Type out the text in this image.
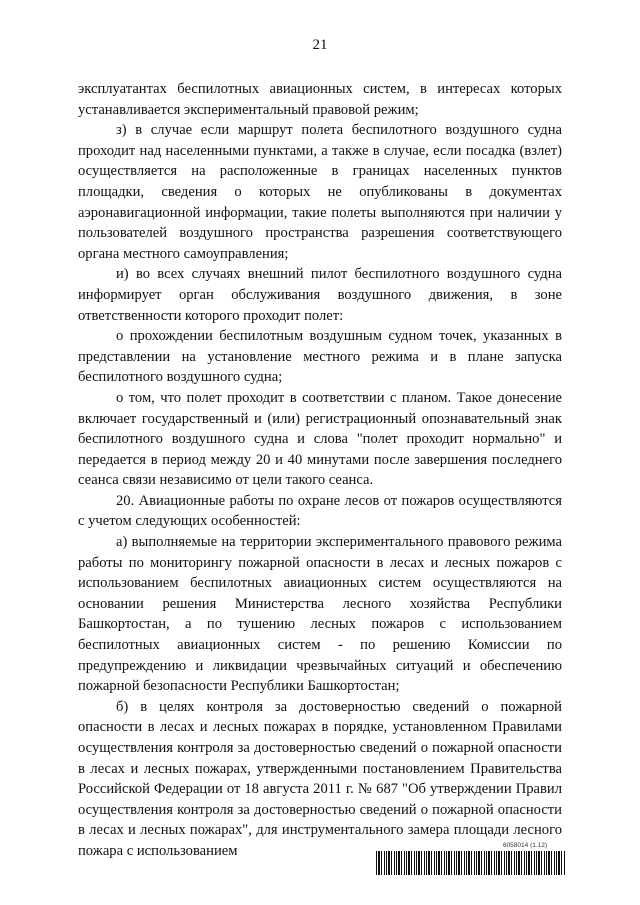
21

эксплуатантах беспилотных авиационных систем, в интересах которых устанавливается экспериментальный правовой режим;

з) в случае если маршрут полета беспилотного воздушного судна проходит над населенными пунктами, а также в случае, если посадка (взлет) осуществляется на расположенные в границах населенных пунктов площадки, сведения о которых не опубликованы в документах аэронавигационной информации, такие полеты выполняются при наличии у пользователей воздушного пространства разрешения соответствующего органа местного самоуправления;

и) во всех случаях внешний пилот беспилотного воздушного судна информирует орган обслуживания воздушного движения, в зоне ответственности которого проходит полет:

о прохождении беспилотным воздушным судном точек, указанных в представлении на установление местного режима и в плане запуска беспилотного воздушного судна;

о том, что полет проходит в соответствии с планом. Такое донесение включает государственный и (или) регистрационный опознавательный знак беспилотного воздушного судна и слова "полет проходит нормально" и передается в период между 20 и 40 минутами после завершения последнего сеанса связи независимо от цели такого сеанса.

20. Авиационные работы по охране лесов от пожаров осуществляются с учетом следующих особенностей:

а) выполняемые на территории экспериментального правового режима работы по мониторингу пожарной опасности в лесах и лесных пожаров с использованием беспилотных авиационных систем осуществляются на основании решения Министерства лесного хозяйства Республики Башкортостан, а по тушению лесных пожаров с использованием беспилотных авиационных систем - по решению Комиссии по предупреждению и ликвидации чрезвычайных ситуаций и обеспечению пожарной безопасности Республики Башкортостан;

б) в целях контроля за достоверностью сведений о пожарной опасности в лесах и лесных пожарах в порядке, установленном Правилами осуществления контроля за достоверностью сведений о пожарной опасности в лесах и лесных пожарах, утвержденными постановлением Правительства Российской Федерации от 18 августа 2011 г. № 687 "Об утверждении Правил осуществления контроля за достоверностью сведений о пожарной опасности в лесах и лесных пожарах", для инструментального замера площади лесного пожара с использованием	6058014 (1.12)
